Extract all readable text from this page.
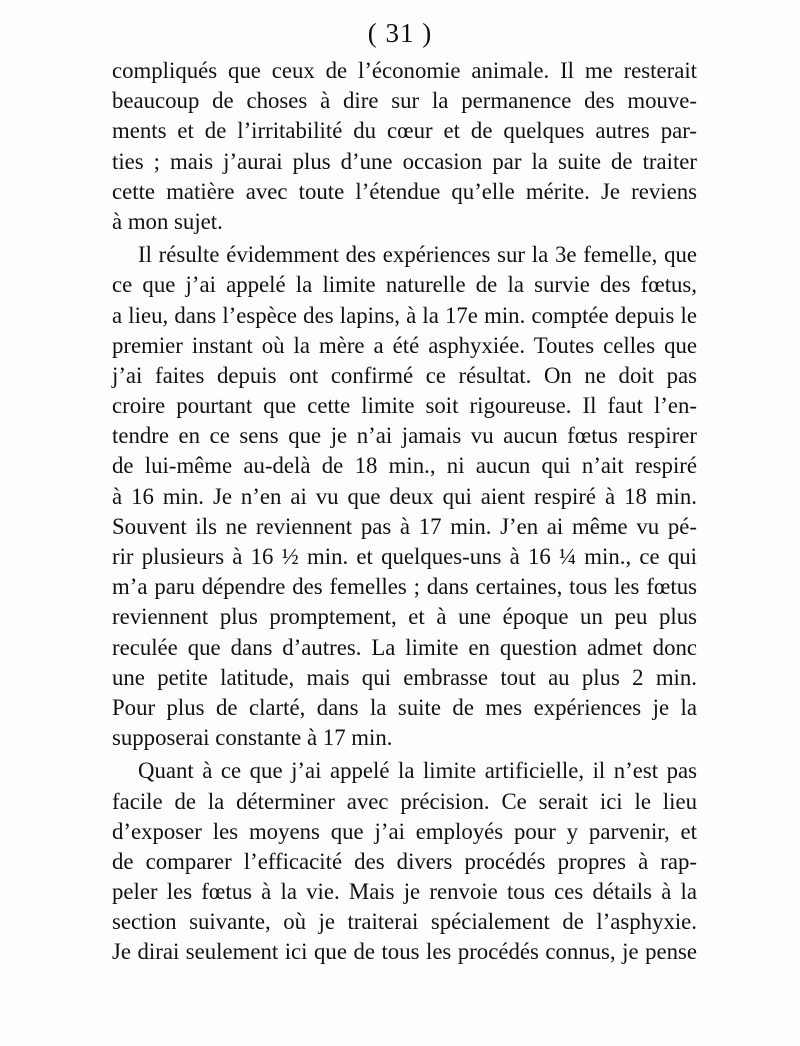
( 31 )
compliqués que ceux de l’économie animale. Il me resterait
beaucoup de choses à dire sur la permanence des mouve-
ments et de l’irritabilité du cœur et de quelques autres par-
ties ; mais j’aurai plus d’une occasion par la suite de traiter
cette matière avec toute l’étendue qu’elle mérite. Je reviens
à mon sujet.
Il résulte évidemment des expériences sur la 3e femelle, que
ce que j’ai appelé la limite naturelle de la survie des fœtus,
a lieu, dans l’espèce des lapins, à la 17e min. comptée depuis le
premier instant où la mère a été asphyxiée. Toutes celles que
j’ai faites depuis ont confirmé ce résultat. On ne doit pas
croire pourtant que cette limite soit rigoureuse. Il faut l’en-
tendre en ce sens que je n’ai jamais vu aucun fœtus respirer
de lui-même au-delà de 18 min., ni aucun qui n’ait respiré
à 16 min. Je n’en ai vu que deux qui aient respiré à 18 min.
Souvent ils ne reviennent pas à 17 min. J’en ai même vu pé-
rir plusieurs à 16 ½ min. et quelques-uns à 16 ¼ min., ce qui
m’a paru dépendre des femelles ; dans certaines, tous les fœtus
reviennent plus promptement, et à une époque un peu plus
reculée que dans d’autres. La limite en question admet donc
une petite latitude, mais qui embrasse tout au plus 2 min.
Pour plus de clarté, dans la suite de mes expériences je la
supposerai constante à 17 min.
Quant à ce que j’ai appelé la limite artificielle, il n’est pas
facile de la déterminer avec précision. Ce serait ici le lieu
d’exposer les moyens que j’ai employés pour y parvenir, et
de comparer l’efficacité des divers procédés propres à rap-
peler les fœtus à la vie. Mais je renvoie tous ces détails à la
section suivante, où je traiterai spécialement de l’asphyxie.
Je dirai seulement ici que de tous les procédés connus, je pense
